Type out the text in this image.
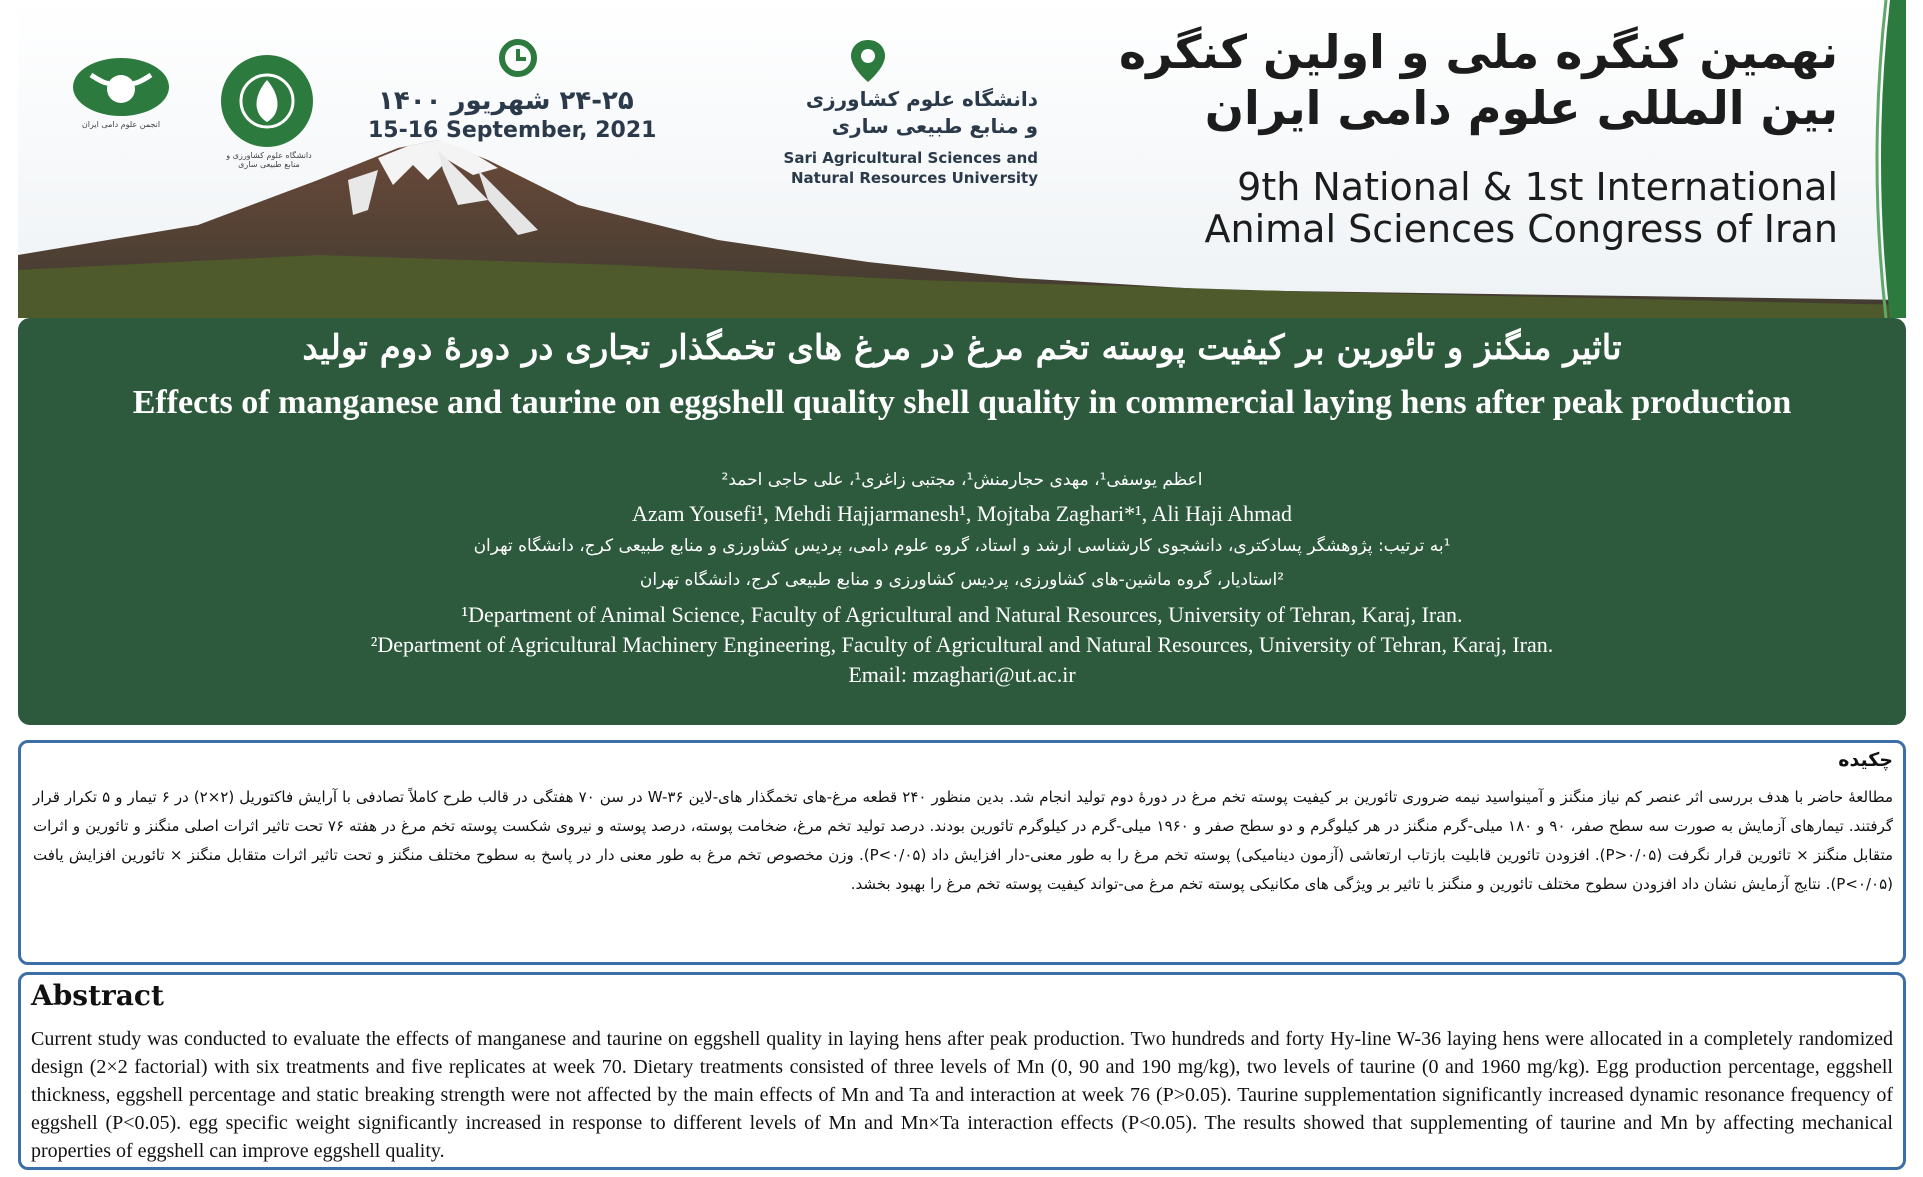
انجمن علوم دامی ایران
دانشگاه علوم کشاورزی و منابع طبیعی ساری
۲۴-۲۵ شهریور ۱۴۰۰
15-16 September, 2021
دانشگاه علوم کشاورزی
و منابع طبیعی ساری
Sari Agricultural Sciences and
Natural Resources University
نهمین کنگره ملی و اولین کنگره
بین المللی علوم دامی ایران
9th National & 1st International
Animal Sciences Congress of Iran
تاثیر منگنز و تائورین بر کیفیت پوسته تخم مرغ در مرغ های تخمگذار تجاری در دورۀ دوم تولید
Effects of manganese and taurine on eggshell quality shell quality in commercial laying hens after peak production
اعظم یوسفی¹، مهدی حجارمنش¹، مجتبی زاغری¹، علی حاجی احمد²
Azam Yousefi¹, Mehdi Hajjarmanesh¹, Mojtaba Zaghari*¹, Ali Haji Ahmad
¹به ترتیب: پژوهشگر پسادکتری، دانشجوی کارشناسی ارشد و استاد، گروه علوم دامی، پردیس کشاورزی و منابع طبیعی کرج، دانشگاه تهران
²استادیار، گروه ماشین-های کشاورزی، پردیس کشاورزی و منابع طبیعی کرج، دانشگاه تهران
¹Department of Animal Science, Faculty of Agricultural and Natural Resources, University of Tehran, Karaj, Iran.
²Department of Agricultural Machinery Engineering, Faculty of Agricultural and Natural Resources, University of Tehran, Karaj, Iran.
Email: mzaghari@ut.ac.ir
چکیده
مطالعۀ حاضر با هدف بررسی اثر عنصر کم نیاز منگنز و آمینواسید نیمه ضروری تائورین بر کیفیت پوسته تخم مرغ در دورۀ دوم تولید انجام شد. بدین منظور ۲۴۰ قطعه مرغ-های تخمگذار های-لاین W-۳۶ در سن ۷۰ هفتگی در قالب طرح کاملاً تصادفی با آرایش فاکتوریل (۲×۲) در ۶ تیمار و ۵ تکرار قرار گرفتند. تیمارهای آزمایش به صورت سه سطح صفر، ۹۰ و ۱۸۰ میلی-گرم منگنز در هر کیلوگرم و دو سطح صفر و ۱۹۶۰ میلی-گرم در کیلوگرم تائورین بودند. درصد تولید تخم مرغ، ضخامت پوسته، درصد پوسته و نیروی شکست پوسته تخم مرغ در هفته ۷۶ تحت تاثیر اثرات اصلی منگنز و تائورین و اثرات متقابل منگنز × تائورین قرار نگرفت (P>۰/۰۵). افزودن تائورین قابلیت بازتاب ارتعاشی (آزمون دینامیکی) پوسته تخم مرغ را به طور معنی-دار افزایش داد (P<۰/۰۵). وزن مخصوص تخم مرغ به طور معنی دار در پاسخ به سطوح مختلف منگنز و تحت تاثیر اثرات متقابل منگنز × تائورین افزایش یافت (P<۰/۰۵). نتایج آزمایش نشان داد افزودن سطوح مختلف تائورین و منگنز با تاثیر بر ویژگی های مکانیکی پوسته تخم مرغ می-تواند کیفیت پوسته تخم مرغ را بهبود بخشد.
Abstract
Current study was conducted to evaluate the effects of manganese and taurine on eggshell quality in laying hens after peak production. Two hundreds and forty Hy-line W-36 laying hens were allocated in a completely randomized design (2×2 factorial) with six treatments and five replicates at week 70. Dietary treatments consisted of three levels of Mn (0, 90 and 190 mg/kg), two levels of taurine (0 and 1960 mg/kg). Egg production percentage, eggshell thickness, eggshell percentage and static breaking strength were not affected by the main effects of Mn and Ta and interaction at week 76 (P>0.05). Taurine supplementation significantly increased dynamic resonance frequency of eggshell (P<0.05). egg specific weight significantly increased in response to different levels of Mn and Mn×Ta interaction effects (P<0.05). The results showed that supplementing of taurine and Mn by affecting mechanical properties of eggshell can improve eggshell quality.
